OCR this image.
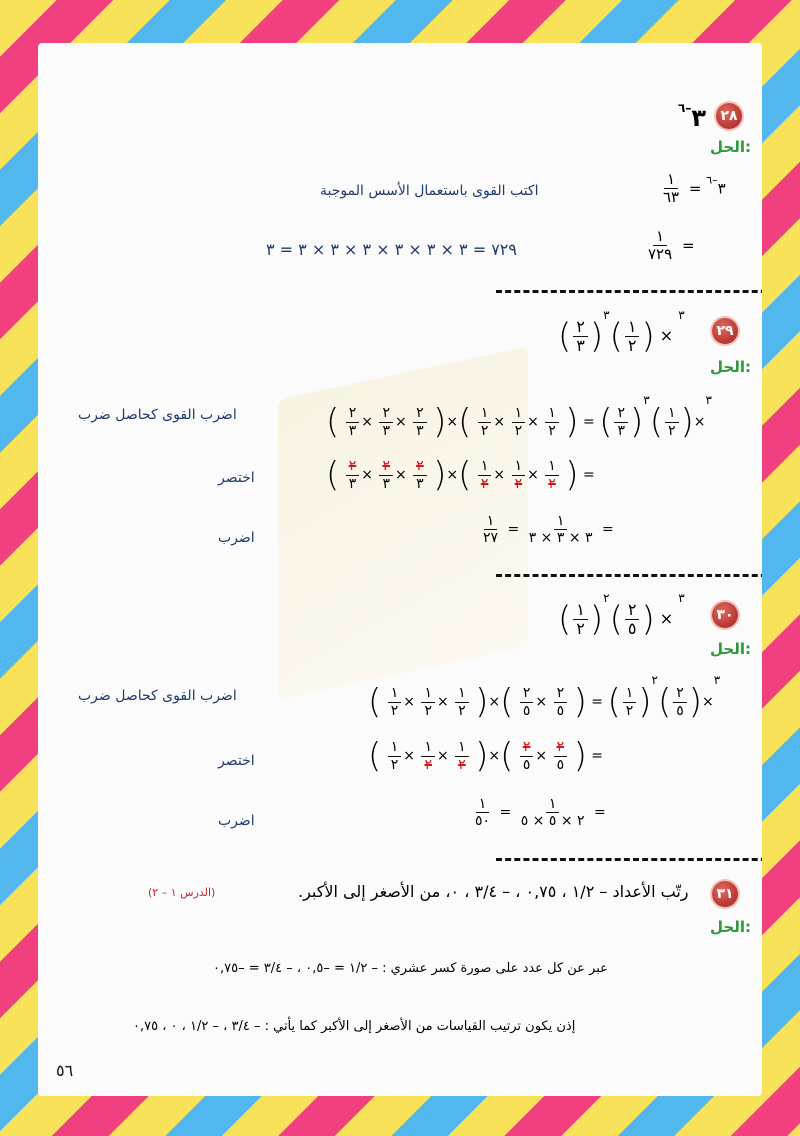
٢٨
$٣^{-٦}$
الحل:
اكتب القوى باستعمال الأسس الموجبة	$\frac{١}{٦٣}$ = $٣^{-٦}$
٧٢٩ = ٣ × ٣ × ٣ × ٣ × ٣ × ٣ = ٣	$\frac{١}{٧٢٩}$ =
٢٩
( $\frac{٢}{٣} )^٣$ × (
$\frac{١}{٢}$
)$^٣$
الحل:
اضرب القوى كحاصل ضرب	( $\frac{٢}{٣} \times \frac{٢}{٣} \times \frac{٢}{٣}$ )×( $\frac{١}{٢} \times \frac{١}{٢} \times \frac{١}{٢}$ ) = ( $\frac{٢}{٣}$ )٣×(
$\frac{١}{٢}$
)٣
اختصر ( $\frac{٢}{٣} \times \frac{٢}{٣} \times \frac{٢}{٣}$ )×( $\frac{١}{٢} \times \frac{١}{٢} \times \frac{١}{٢}$ ) =
اضرب	$\frac{١}{٢٧} = \frac{١}{٣ \times ٣ \times ٣}$ =
٣٠
( $\frac{١}{٢} )^٣$ × (
$\frac{٢}{٥}$
)$^٢$
الحل:
اضرب القوى كحاصل ضرب	( $\frac{١}{٢} \times \frac{١}{٢} \times \frac{١}{٢}$ )×( $\frac{٢}{٥} \times \frac{٢}{٥}$ ) = ( $\frac{١}{٢}$ )٣×(
$\frac{٢}{٥}$
)٢
اختصر	( $\frac{١}{٢} \times \frac{١}{٢} \times \frac{١}{٢}$ )×( $\frac{٢}{٥} \times \frac{٢}{٥}$ ) =
اضرب	$\frac{١}{٥٠} = \frac{١}{٢ \times ٥ \times ٥}$ =
٣١
رتّب الأعداد – ١/٢ ، ٠,٧٥ ، – ٣/٤ ، ٠، من الأصغر إلى الأكبر.
(الدرس ١ – ٢)
الحل:
عبر عن كل عدد على صورة كسر عشري : – ١/٢ = –٠,٥ ، – ٣/٤ = –٠,٧٥
إذن يكون ترتيب القياسات من الأصغر إلى الأكبر كما يأتي : – ٣/٤ ، – ١/٢ ، ٠ ، ٠,٧٥
٥٦
